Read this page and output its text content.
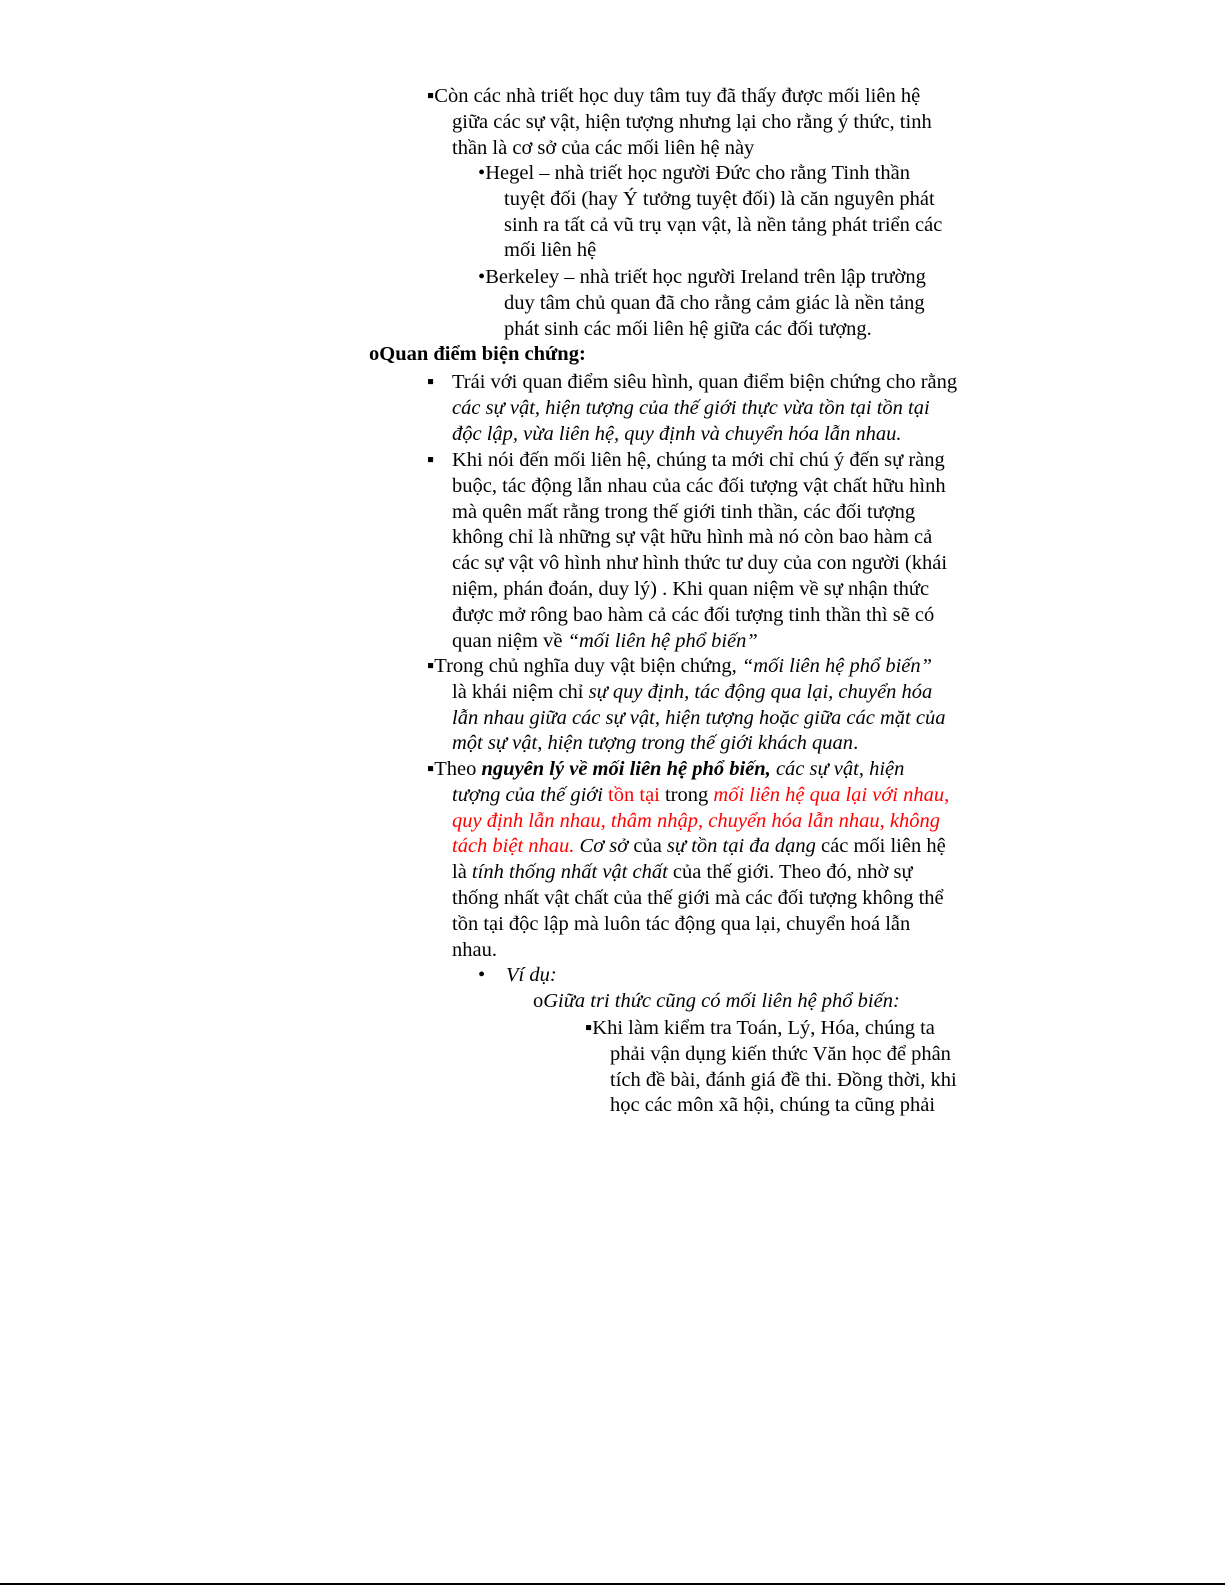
▪Còn các nhà triết học duy tâm tuy đã thấy được mối liên hệ
giữa các sự vật, hiện tượng nhưng lại cho rằng ý thức, tinh
thần là cơ sở của các mối liên hệ này
•Hegel – nhà triết học người Đức cho rằng Tinh thần
tuyệt đối (hay Ý tưởng tuyệt đối) là căn nguyên phát
sinh ra tất cả vũ trụ vạn vật, là nền tảng phát triển các
mối liên hệ
•Berkeley – nhà triết học người Ireland trên lập trường
duy tâm chủ quan đã cho rằng cảm giác là nền tảng
phát sinh các mối liên hệ giữa các đối tượng.
oQuan điểm biện chứng:
▪ Trái với quan điểm siêu hình, quan điểm biện chứng cho rằng
các sự vật, hiện tượng của thế giới thực vừa tồn tại tồn tại
độc lập, vừa liên hệ, quy định và chuyển hóa lẫn nhau.
▪ Khi nói đến mối liên hệ, chúng ta mới chỉ chú ý đến sự ràng
buộc, tác động lẫn nhau của các đối tượng vật chất hữu hình
mà quên mất rằng trong thế giới tinh thần, các đối tượng
không chỉ là những sự vật hữu hình mà nó còn bao hàm cả
các sự vật vô hình như hình thức tư duy của con người (khái
niệm, phán đoán, duy lý) . Khi quan niệm về sự nhận thức
được mở rông bao hàm cả các đối tượng tinh thần thì sẽ có
quan niệm về “mối liên hệ phổ biến”
▪Trong chủ nghĩa duy vật biện chứng, “mối liên hệ phổ biến”
là khái niệm chỉ sự quy định, tác động qua lại, chuyển hóa
lẫn nhau giữa các sự vật, hiện tượng hoặc giữa các mặt của
một sự vật, hiện tượng trong thế giới khách quan.
▪Theo nguyên lý về mối liên hệ phổ biến, các sự vật, hiện
tượng của thế giới tồn tại trong mối liên hệ qua lại với nhau,
quy định lẫn nhau, thâm nhập, chuyển hóa lẫn nhau, không
tách biệt nhau. Cơ sở của sự tồn tại đa dạng các mối liên hệ
là tính thống nhất vật chất của thế giới. Theo đó, nhờ sự
thống nhất vật chất của thế giới mà các đối tượng không thể
tồn tại độc lập mà luôn tác động qua lại, chuyển hoá lẫn
nhau.
• Ví dụ:
oGiữa tri thức cũng có mối liên hệ phổ biến:
▪Khi làm kiểm tra Toán, Lý, Hóa, chúng ta
phải vận dụng kiến thức Văn học để phân
tích đề bài, đánh giá đề thi. Đồng thời, khi
học các môn xã hội, chúng ta cũng phải
